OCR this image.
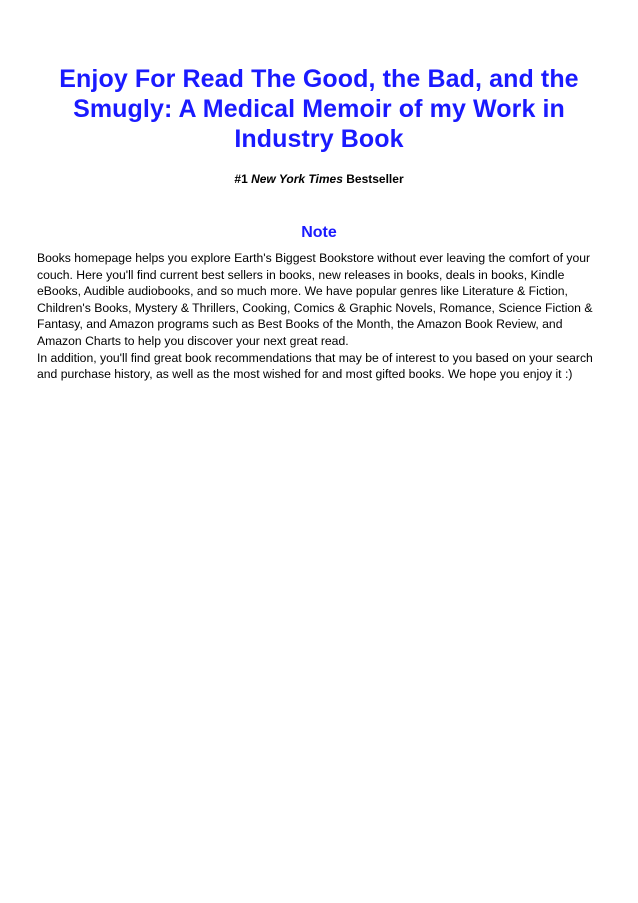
Enjoy For Read The Good, the Bad, and the Smugly: A Medical Memoir of my Work in Industry Book
#1 New York Times Bestseller
Note

Books homepage helps you explore Earth's Biggest Bookstore without ever leaving the comfort of your couch. Here you'll find current best sellers in books, new releases in books, deals in books, Kindle eBooks, Audible audiobooks, and so much more. We have popular genres like Literature & Fiction, Children's Books, Mystery & Thrillers, Cooking, Comics & Graphic Novels, Romance, Science Fiction & Fantasy, and Amazon programs such as Best Books of the Month, the Amazon Book Review, and Amazon Charts to help you discover your next great read.

In addition, you'll find great book recommendations that may be of interest to you based on your search and purchase history, as well as the most wished for and most gifted books. We hope you enjoy it :)
